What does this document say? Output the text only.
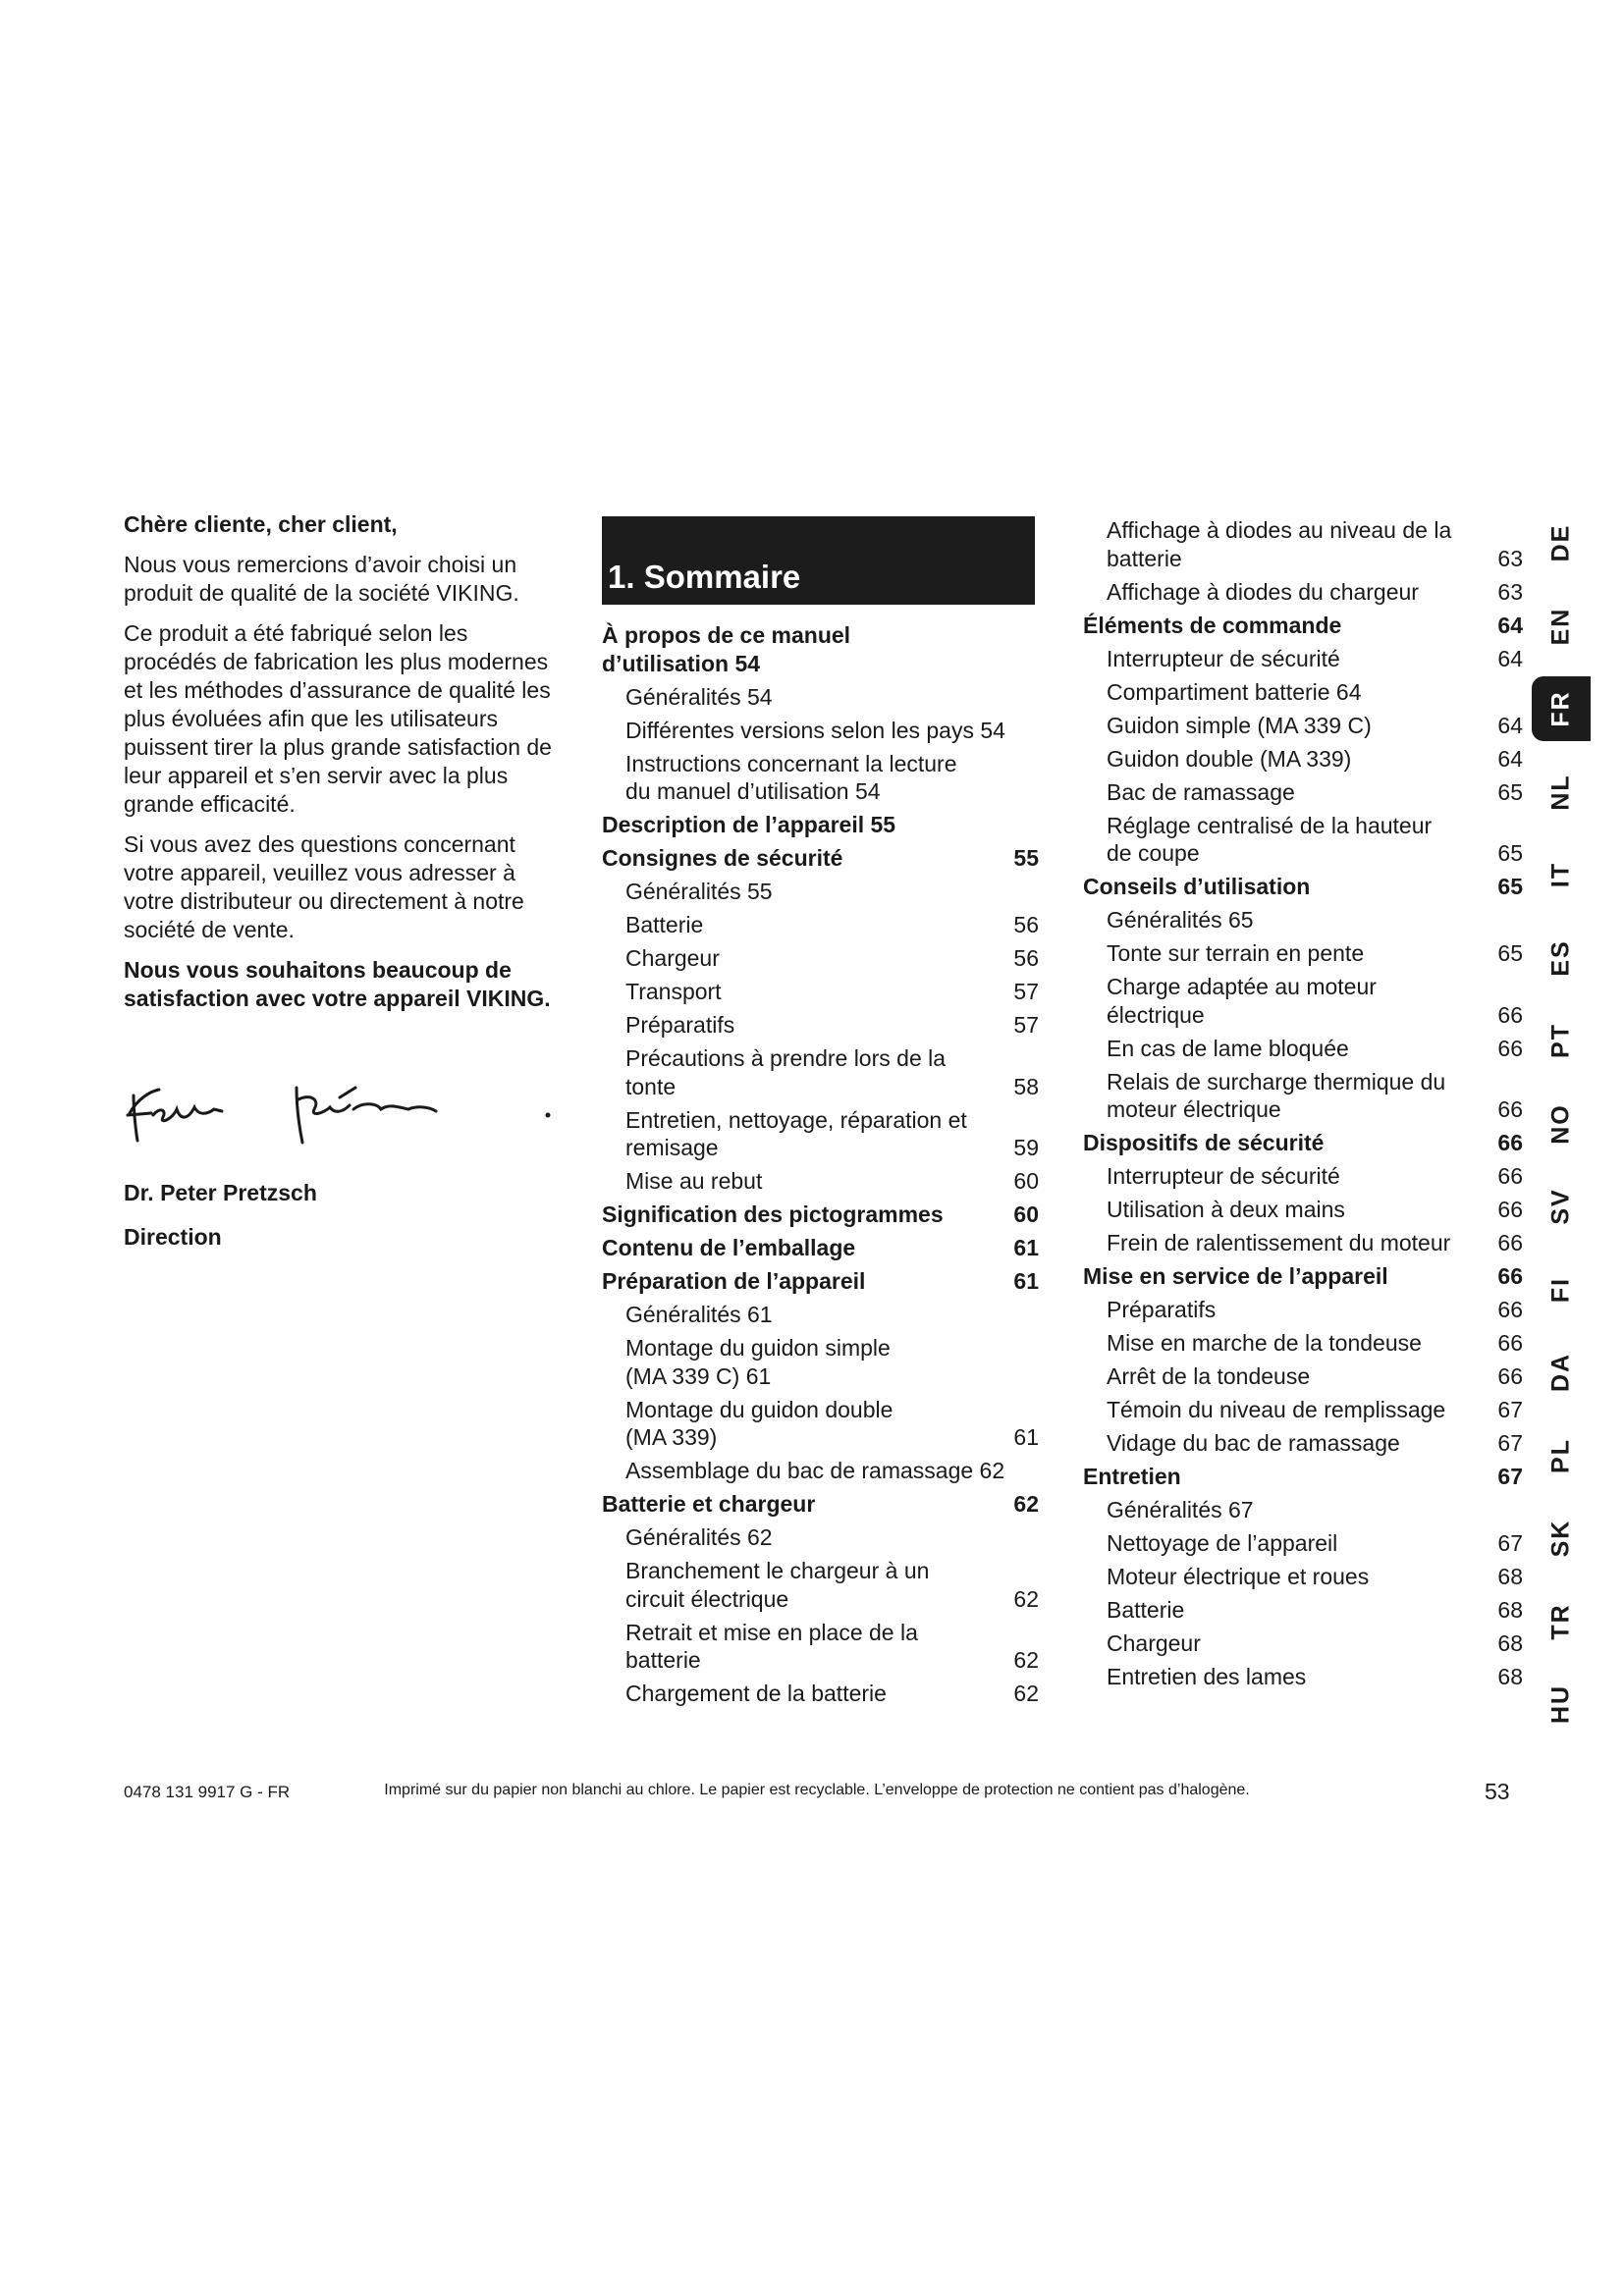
Chère cliente, cher client,

Nous vous remercions d’avoir choisi un produit de qualité de la société VIKING.

Ce produit a été fabriqué selon les procédés de fabrication les plus modernes et les méthodes d’assurance de qualité les plus évoluées afin que les utilisateurs puissent tirer la plus grande satisfaction de leur appareil et s’en servir avec la plus grande efficacité.

Si vous avez des questions concernant votre appareil, veuillez vous adresser à votre distributeur ou directement à notre société de vente.

Nous vous souhaitons beaucoup de satisfaction avec votre appareil VIKING.

Dr. Peter Pretzsch
Direction
1. Sommaire
À propos de ce manuel
d’utilisation 54
Généralités 54
Différentes versions selon les pays 54
Instructions concernant la lecture
du manuel d’utilisation 54
Description de l’appareil 55
Consignes de sécurité	55
Généralités 55
Batterie	56
Chargeur	56
Transport	57
Préparatifs	57
Précautions à prendre lors de la
tonte	58
Entretien, nettoyage, réparation et
remisage	59
Mise au rebut	60
Signification des pictogrammes	60
Contenu de l’emballage	61
Préparation de l’appareil	61
Généralités 61
Montage du guidon simple
(MA 339 C) 61
Montage du guidon double
(MA 339)	61
Assemblage du bac de ramassage 62
Batterie et chargeur	62
Généralités 62
Branchement le chargeur à un
circuit électrique	62
Retrait et mise en place de la
batterie	62
Chargement de la batterie	62
Affichage à diodes au niveau de la
batterie	63
Affichage à diodes du chargeur	63
Éléments de commande	64
Interrupteur de sécurité	64
Compartiment batterie 64
Guidon simple (MA 339 C)	64
Guidon double (MA 339)	64
Bac de ramassage	65
Réglage centralisé de la hauteur
de coupe	65
Conseils d’utilisation	65
Généralités 65
Tonte sur terrain en pente	65
Charge adaptée au moteur
électrique	66
En cas de lame bloquée	66
Relais de surcharge thermique du
moteur électrique	66
Dispositifs de sécurité	66
Interrupteur de sécurité	66
Utilisation à deux mains	66
Frein de ralentissement du moteur	66
Mise en service de l’appareil	66
Préparatifs	66
Mise en marche de la tondeuse	66
Arrêt de la tondeuse	66
Témoin du niveau de remplissage	67
Vidage du bac de ramassage	67
Entretien	67
Généralités 67
Nettoyage de l’appareil	67
Moteur électrique et roues	68
Batterie	68
Chargeur	68
Entretien des lames	68
DE
EN
FR
NL
IT
ES
PT
NO
SV
FI
DA
PL
SK
TR
HU
0478 131 9917 G - FR	Imprimé sur du papier non blanchi au chlore. Le papier est recyclable. L’enveloppe de protection ne contient pas d’halogène.	53
